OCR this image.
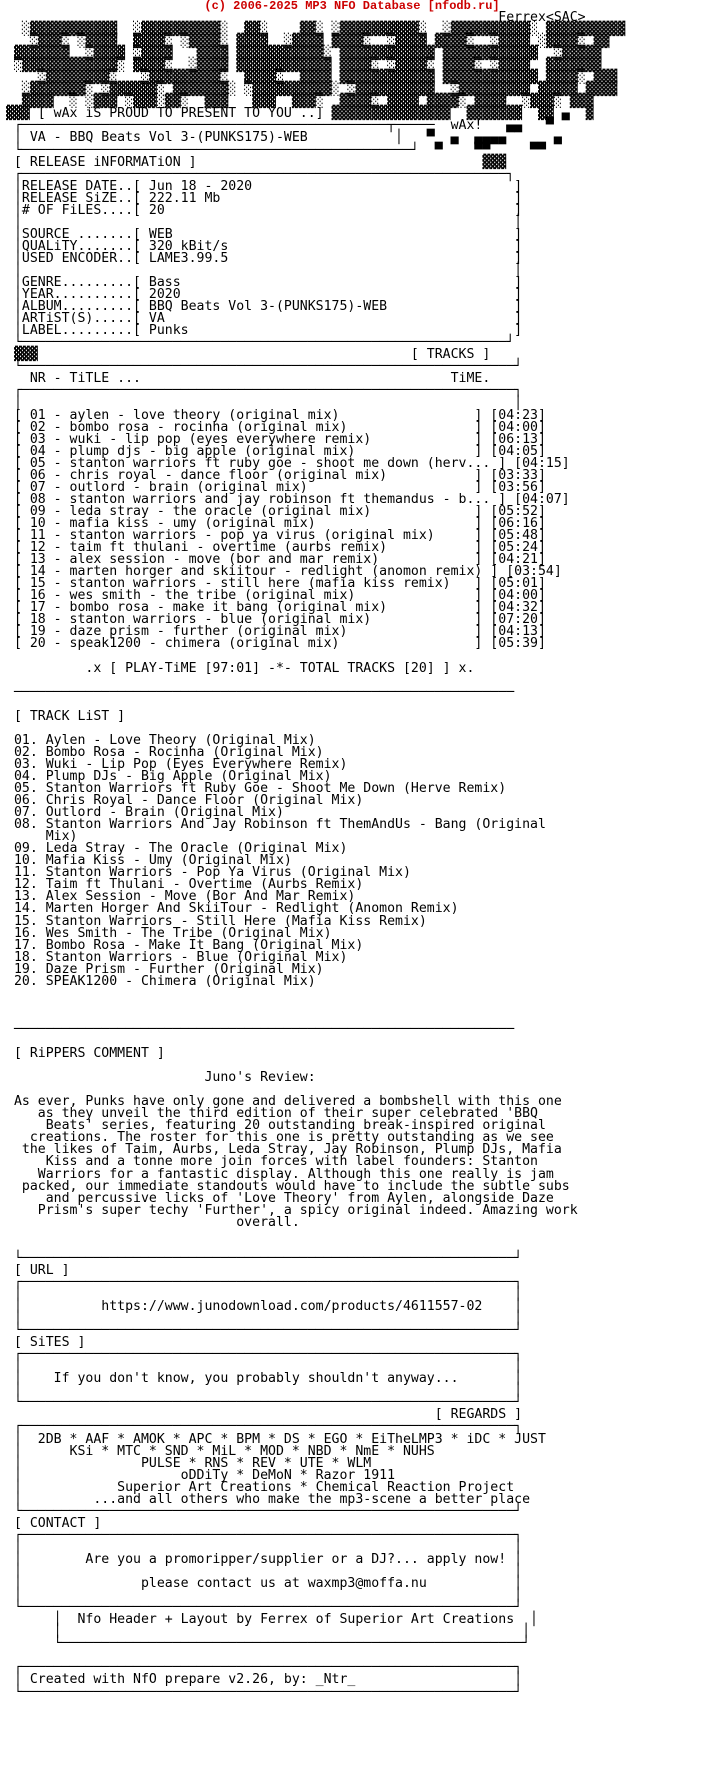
(c) 2006-2025 MP3 NFO Database [nfodb.ru]
Ferrex<SAC>
░▓▓▓▓▓▓▓▓▓▓▓  ░▓▓▓▓▓▓▓▓▓▓░  ▓▓░    ▓▓░ ░▓▓▓▓▓▓▓▓▓▓░  ░▓▓▓▓▓▓▓▓▓▓░ ▓▓▓▓▓▓▓▓▓▓
░▓▓▓░ ░▓▓▓▓  ▓▓▓▓░ ░▓▓▓▓░ ▓▓▓▓  ░▓▓▓▓ ▓▓▓▓░  ░▓▓▓▓ ▓▓▓▓░  ░▓▓▓▓ ░▓▓▓▓░ ▓▓
▓▓▓▓▓▓▓  ░▓▓▓▓ ░▓▓▓▓   ▓▓▓▓ ▓▓▓▓▓▓▓▓▓▓▓░ ▓▓▓▓▓▓▓▓▓▓▓▓ ▓▓▓▓▓▓▓▓▓▓▓▓  ░▓▓▓▓▓
░▓▓▓▓▓▓▓▓▓▓▓▓░ ▓▓▓▓░  ░▓▓▓▓ ▓▓▓▓▓▓▓▓▓▓▓▓ ▓▓▓▓░ ░▓▓▓▓░ ▓▓▓▓░ ░▓▓▓▓  ▓▓▓▓▓▓▓
░▓▓▓▓▓▓▓▓░   ░▓▓▓▓▓▓▓▓▓░  ▓▓▓▓░  ▓▓▓▓ ▓▓▓▓▓▓▓▓▓▓▓▓ ▓▓▓▓▓▓▓▓▓▓▓▓ ▓▓▓▓░ ▓▓▓
░▓▓▓▓▓▓▓░ ░▓▓▓▓▓▓░ ▓▓▓▓▓▓▓░ ░▓▓▓▓▓▓▓▓▓▓░ ░▓▓▓▓▓▓▓▓▓▓  ░▓▓▓▓▓▓▓▓▓ ▓▓▓▓▓ ▓▓▓▓
▓▓▓▓  ░ ░▓▓▓ ░▓▓▓░▓▓░  ▓▓▓   ▓▓▓  ▓▓▓░  ▓▓▓▓░ ▓▓▓▓ ▓▓▓▓░ ▓▓▓▓  ░▓▓▓░ ▓▓▓
▓▓▓ [ wAx iS PROUD TO PRESENT TO YOU ..] ▓▓▓▓▓▓▓▓▓▓▓▓▓▓▓  ▓▓▓▓▓▓▓  ▓▓ ▄  ▓
┌──────────────────────────────────────────────┬─────  wAx!   ▄▄   ▀
│ VA - BBQ Beats Vol 3-(PUNKS175)-WEB           │   ▀  ▄  ▄▄▄▄      ▄
└─────────────────────────────────────────────────┘  ▀    ▀▀     ▀▀
[ RELEASE iNFORMATiON ]                                    ▓▓▓
┌─────────────────────────────────────────────────────────────┐
│RELEASE DATE..[ Jun 18 - 2020                                 ]
│RELEASE SiZE..[ 222.11 Mb                                     ]
│# OF FiLES....[ 20                                            ]
│                                                              │
│SOURCE .......[ WEB                                           ]
│QUALiTY.......[ 320 kBit/s                                    ]
│USED ENCODER..[ LAME3.99.5                                    ]
│                                                              │
│GENRE.........[ Bass                                          ]
│YEAR..........[ 2020                                          ]
│ALBUM.........[ BBQ Beats Vol 3-(PUNKS175)-WEB                ]
│ARTiST(S).....[ VA                                            ]
│LABEL.........[ Punks                                         ]
└─────────────────────────────────────────────────────────────┘
▓▓▓                                               [ TRACKS ]
└──────────────────────────────────────────────────────────────┘
NR - TiTLE ...                                       TiME.
┌──────────────────────────────────────────────────────────────┐
│                                                              │
[ 01 - aylen - love theory (original mix)                 ] [04:23]
[ 02 - bombo rosa - rocinha (original mix)                ] [04:00]
[ 03 - wuki - lip pop (eyes everywhere remix)             ] [06:13]
[ 04 - plump djs - big apple (original mix)               ] [04:05]
[ 05 - stanton warriors ft ruby goe - shoot me down (herv... ] [04:15]
[ 06 - chris royal - dance floor (original mix)           ] [03:33]
[ 07 - outlord - brain (original mix)                     ] [03:56]
[ 08 - stanton warriors and jay robinson ft themandus - b... ] [04:07]
[ 09 - leda stray - the oracle (original mix)             ] [05:52]
[ 10 - mafia kiss - umy (original mix)                    ] [06:16]
[ 11 - stanton warriors - pop ya virus (original mix)     ] [05:48]
[ 12 - taim ft thulani - overtime (aurbs remix)           ] [05:24]
[ 13 - alex session - move (bor and mar remix)            ] [04:21]
[ 14 - marten horger and skiitour - redlight (anomon remix) ] [03:54]
[ 15 - stanton warriors - still here (mafia kiss remix)   ] [05:01]
[ 16 - wes smith - the tribe (original mix)               ] [04:00]
[ 17 - bombo rosa - make it bang (original mix)           ] [04:32]
[ 18 - stanton warriors - blue (original mix)             ] [07:20]
[ 19 - daze prism - further (original mix)                ] [04:13]
[ 20 - speak1200 - chimera (original mix)                 ] [05:39]

.x [ PLAY-TiME [97:01] -*- TOTAL TRACKS [20] ] x.

───────────────────────────────────────────────────────────────

[ TRACK LiST ]

01. Aylen - Love Theory (Original Mix)
02. Bombo Rosa - Rocinha (Original Mix)
03. Wuki - Lip Pop (Eyes Everywhere Remix)
04. Plump DJs - Big Apple (Original Mix)
05. Stanton Warriors ft Ruby Goe - Shoot Me Down (Herve Remix)
06. Chris Royal - Dance Floor (Original Mix)
07. Outlord - Brain (Original Mix)
08. Stanton Warriors And Jay Robinson ft ThemAndUs - Bang (Original
Mix)
09. Leda Stray - The Oracle (Original Mix)
10. Mafia Kiss - Umy (Original Mix)
11. Stanton Warriors - Pop Ya Virus (Original Mix)
12. Taim ft Thulani - Overtime (Aurbs Remix)
13. Alex Session - Move (Bor And Mar Remix)
14. Marten Horger And SkiiTour - Redlight (Anomon Remix)
15. Stanton Warriors - Still Here (Mafia Kiss Remix)
16. Wes Smith - The Tribe (Original Mix)
17. Bombo Rosa - Make It Bang (Original Mix)
18. Stanton Warriors - Blue (Original Mix)
19. Daze Prism - Further (Original Mix)
20. SPEAK1200 - Chimera (Original Mix)

───────────────────────────────────────────────────────────────

[ RiPPERS COMMENT ]

Juno's Review:

As ever, Punks have only gone and delivered a bombshell with this one
as they unveil the third edition of their super celebrated 'BBQ
Beats' series, featuring 20 outstanding break-inspired original
creations. The roster for this one is pretty outstanding as we see
the likes of Taim, Aurbs, Leda Stray, Jay Robinson, Plump DJs, Mafia
Kiss and a tonne more join forces with label founders: Stanton
Warriors for a fantastic display. Although this one really is jam
packed, our immediate standouts would have to include the subtle subs
and percussive licks of 'Love Theory' from Aylen, alongside Daze
Prism's super techy 'Further', a spicy original indeed. Amazing work
overall.

└──────────────────────────────────────────────────────────────┘
[ URL ]
┌──────────────────────────────────────────────────────────────┐
│                                                              │
│          https://www.junodownload.com/products/4611557-02    │
│                                                              │
└──────────────────────────────────────────────────────────────┘
[ SiTES ]
┌──────────────────────────────────────────────────────────────┐
│                                                              │
│    If you don't know, you probably shouldn't anyway...       │
│                                                              │
└──────────────────────────────────────────────────────────────┘
[ REGARDS ]
┌──────────────────────────────────────────────────────────────┐
│  2DB * AAF * AMOK * APC * BPM * DS * EGO * EiTheLMP3 * iDC * JUST
│      KSi * MTC * SND * MiL * MOD * NBD * NmE * NUHS
│               PULSE * RNS * REV * UTE * WLM
│                    oDDiTy * DeMoN * Razor 1911
│            Superior Art Creations * Chemical Reaction Project
│         ...and all others who make the mp3-scene a better place
└──────────────────────────────────────────────────────────────┘
[ CONTACT ]
┌──────────────────────────────────────────────────────────────┐
│                                                              │
│        Are you a promoripper/supplier or a DJ?... apply now! │
│                                                              │
│               please contact us at waxmp3@moffa.nu           │
│                                                              │
└──────────────────────────────────────────────────────────────┘
│  Nfo Header + Layout by Ferrex of Superior Art Creations  │
│                                                          │
└──────────────────────────────────────────────────────────┘

┌──────────────────────────────────────────────────────────────┐
│ Created with NfO prepare v2.26, by: _Ntr_                    │
└──────────────────────────────────────────────────────────────┘
